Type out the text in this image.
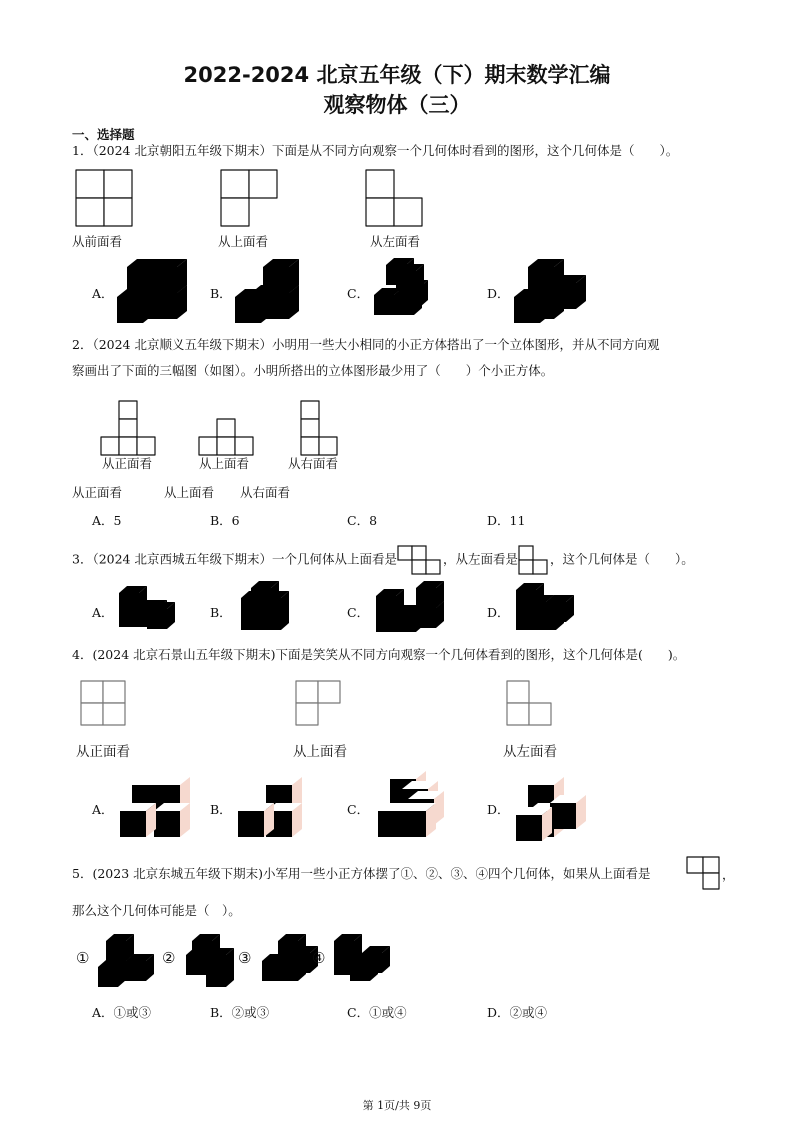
2022-2024 北京五年级（下）期末数学汇编
观察物体（三）
一、选择题
1．（2024 北京朝阳五年级下期末）下面是从不同方向观察一个几何体时看到的图形，这个几何体是（　　）。
从前面看	从上面看	从左面看
A．	B．	C．	D．
2．（2024 北京顺义五年级下期末）小明用一些大小相同的小正方体搭出了一个立体图形，并从不同方向观
察画出了下面的三幅图（如图）。小明所搭出的立体图形最少用了（　　）个小正方体。
从正面看	从上面看	从右面看
从正面看	从上面看 从右面看
A．5	B．6	C．8	D．11
3．（2024 北京西城五年级下期末）一个几何体从上面看是	，从左面看是	，这个几何体是（　　）。
A．	B．	C．	D．
4．(2024 北京石景山五年级下期末)下面是笑笑从不同方向观察一个几何体看到的图形，这个几何体是(　　)。
从正面看	从上面看	从左面看
A．	B．	C．	D．
5．(2023 北京东城五年级下期末)小军用一些小正方体摆了①、②、③、④四个几何体，如果从上面看是	，
那么这个几何体可能是（　）。
①	②	③	④
A．①或③	B．②或③	C．①或④	D．②或④
第 1页/共 9页
